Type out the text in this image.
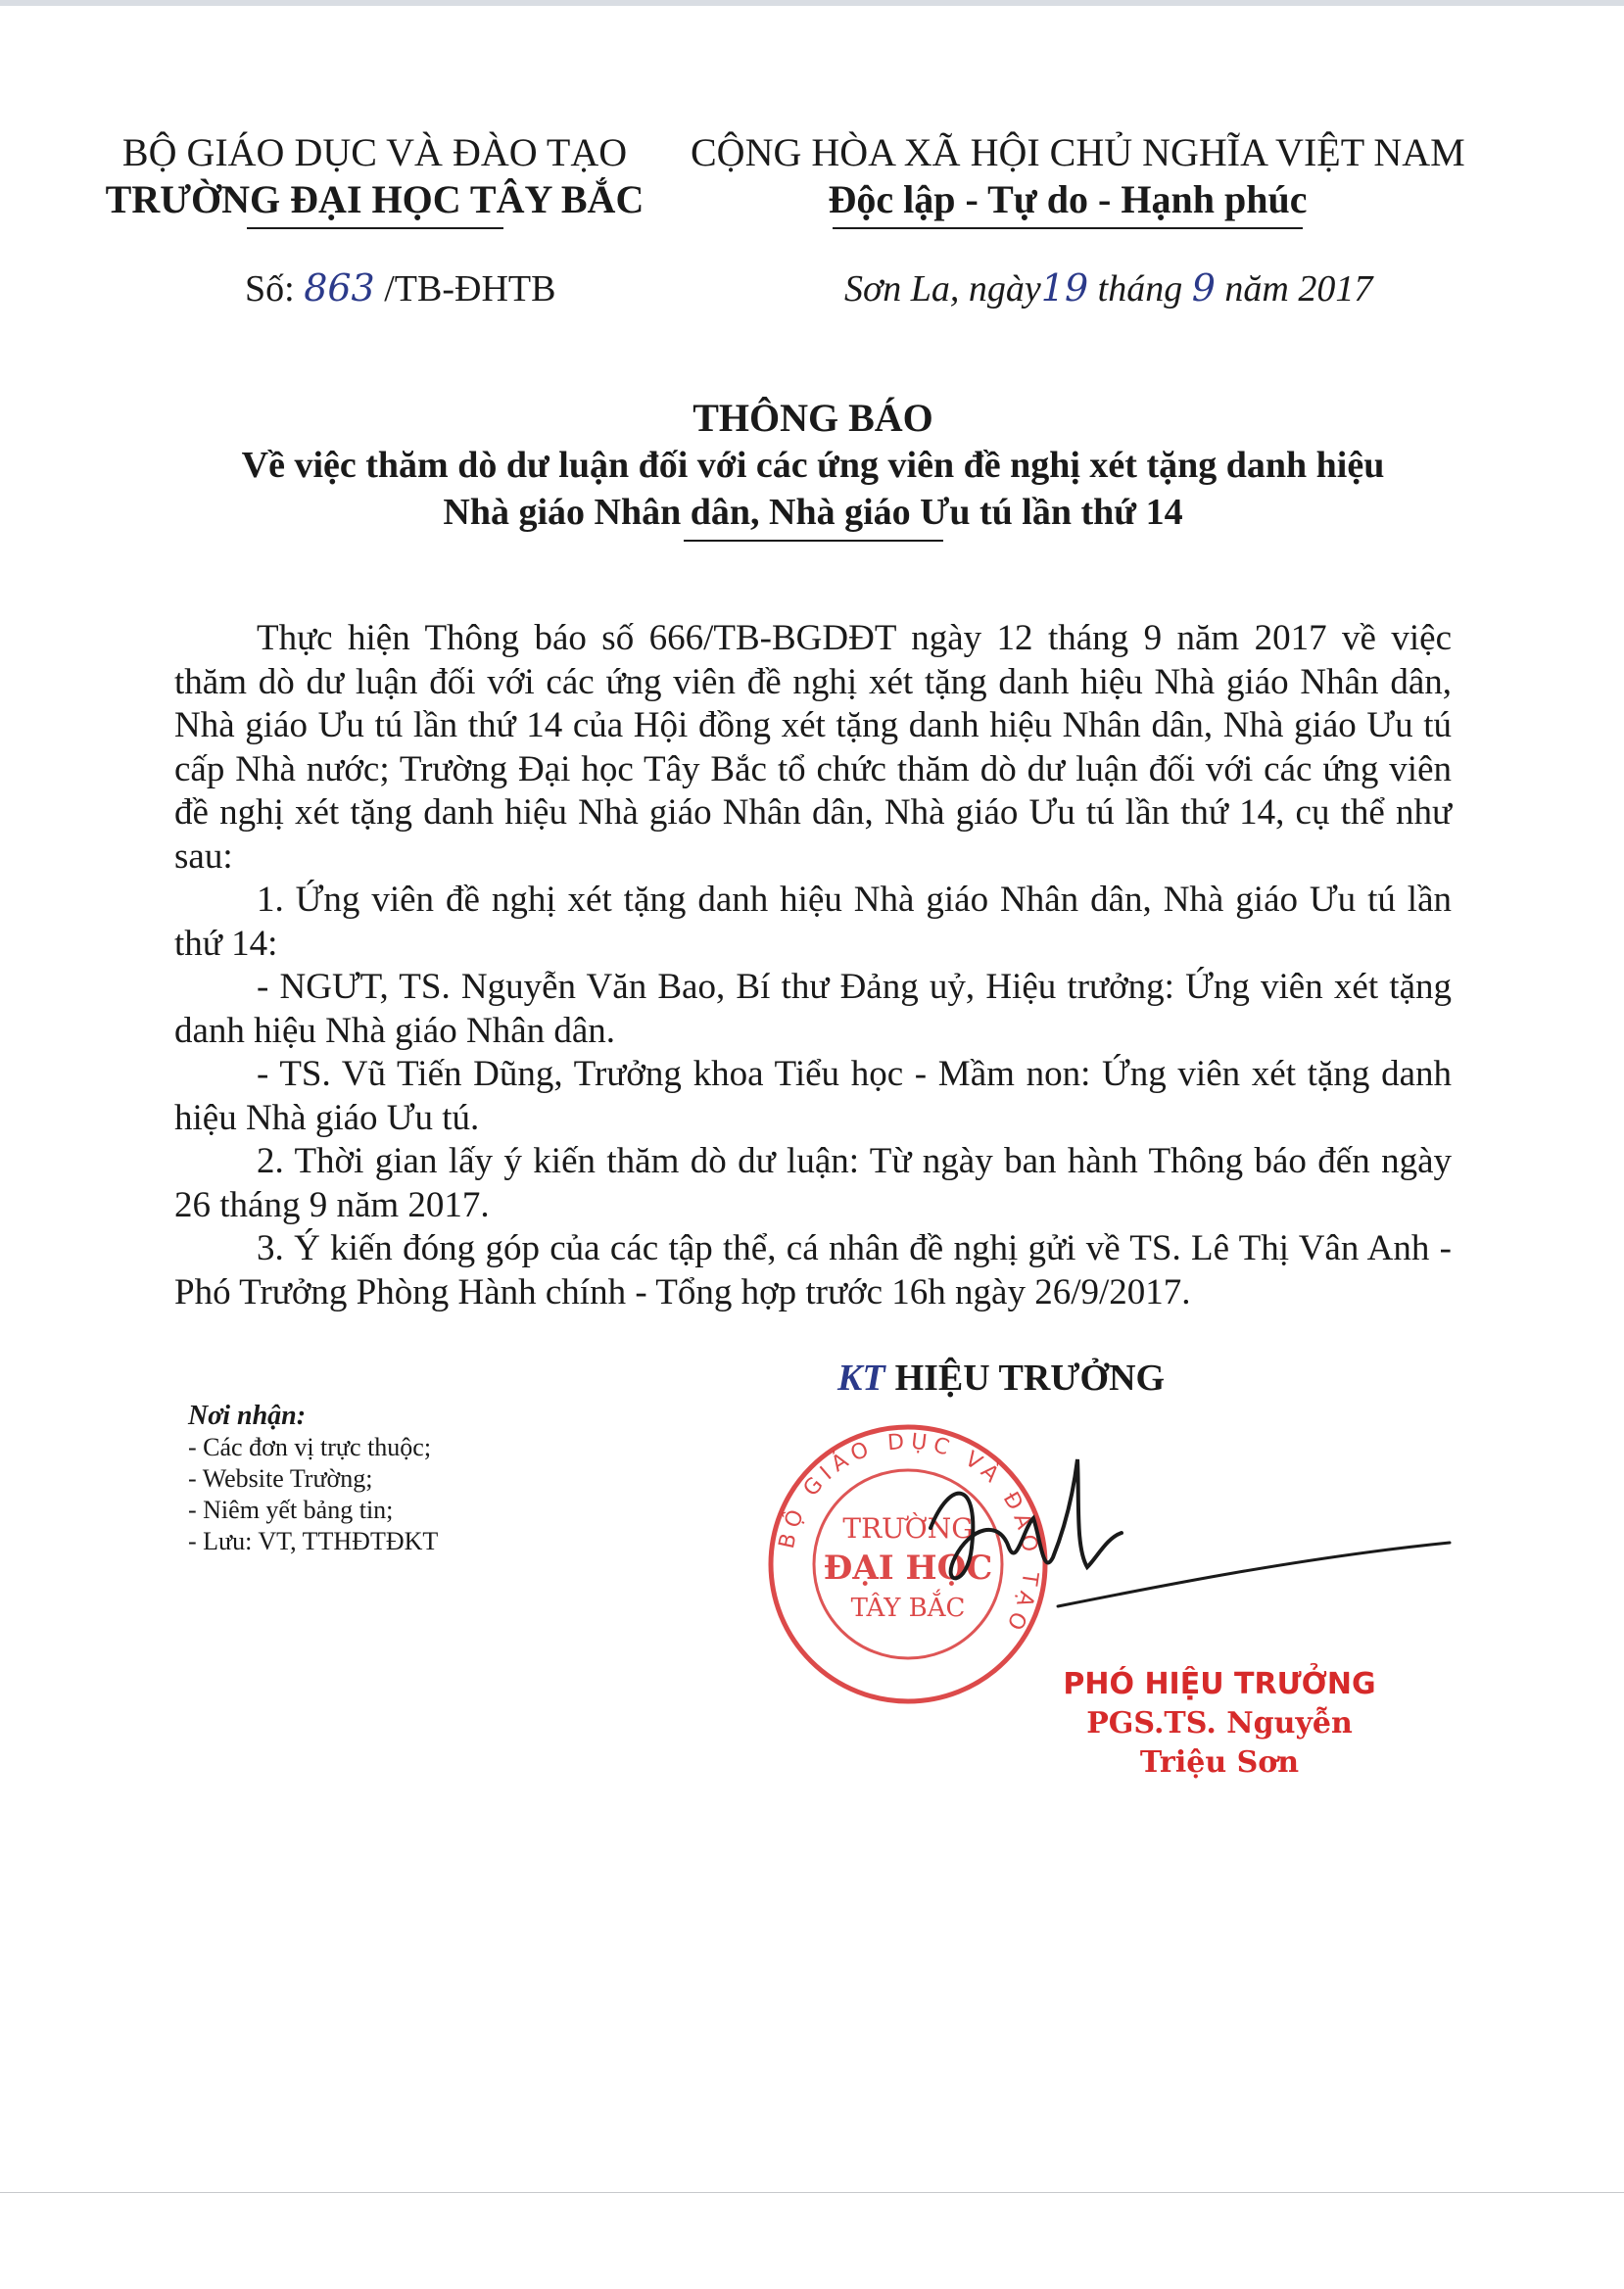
BỘ GIÁO DỤC VÀ ĐÀO TẠO
TRƯỜNG ĐẠI HỌC TÂY BẮC
CỘNG HÒA XÃ HỘI CHỦ NGHĨA VIỆT NAM
Độc lập - Tự do - Hạnh phúc
Số: 863 /TB-ĐHTB	Sơn La, ngày19 tháng 9 năm 2017
THÔNG BÁO
Về việc thăm dò dư luận đối với các ứng viên đề nghị xét tặng danh hiệu
Nhà giáo Nhân dân, Nhà giáo Ưu tú lần thứ 14

Thực hiện Thông báo số 666/TB-BGDĐT ngày 12 tháng 9 năm 2017 về việc thăm dò dư luận đối với các ứng viên đề nghị xét tặng danh hiệu Nhà giáo Nhân dân, Nhà giáo Ưu tú lần thứ 14 của Hội đồng xét tặng danh hiệu Nhân dân, Nhà giáo Ưu tú cấp Nhà nước; Trường Đại học Tây Bắc tổ chức thăm dò dư luận đối với các ứng viên đề nghị xét tặng danh hiệu Nhà giáo Nhân dân, Nhà giáo Ưu tú lần thứ 14, cụ thể như sau:

1. Ứng viên đề nghị xét tặng danh hiệu Nhà giáo Nhân dân, Nhà giáo Ưu tú lần thứ 14:

- NGƯT, TS. Nguyễn Văn Bao, Bí thư Đảng uỷ, Hiệu trưởng: Ứng viên xét tặng danh hiệu Nhà giáo Nhân dân.

- TS. Vũ Tiến Dũng, Trưởng khoa Tiểu học - Mầm non: Ứng viên xét tặng danh hiệu Nhà giáo Ưu tú.

2. Thời gian lấy ý kiến thăm dò dư luận: Từ ngày ban hành Thông báo đến ngày 26 tháng 9 năm 2017.

3. Ý kiến đóng góp của các tập thể, cá nhân đề nghị gửi về TS. Lê Thị Vân Anh - Phó Trưởng Phòng Hành chính - Tổng hợp trước 16h ngày 26/9/2017.

KT HIỆU TRƯỞNG
Nơi nhận:
- Các đơn vị trực thuộc;
- Website Trường;
- Niêm yết bảng tin;
- Lưu: VT, TTHĐTĐKT	BỘ GIÁO DỤC VÀ ĐÀO TẠO
TRƯỜNG
ĐẠI HỌC
TÂY BẮC
PHÓ HIỆU TRƯỞNG
PGS.TS. Nguyễn Triệu Sơn
